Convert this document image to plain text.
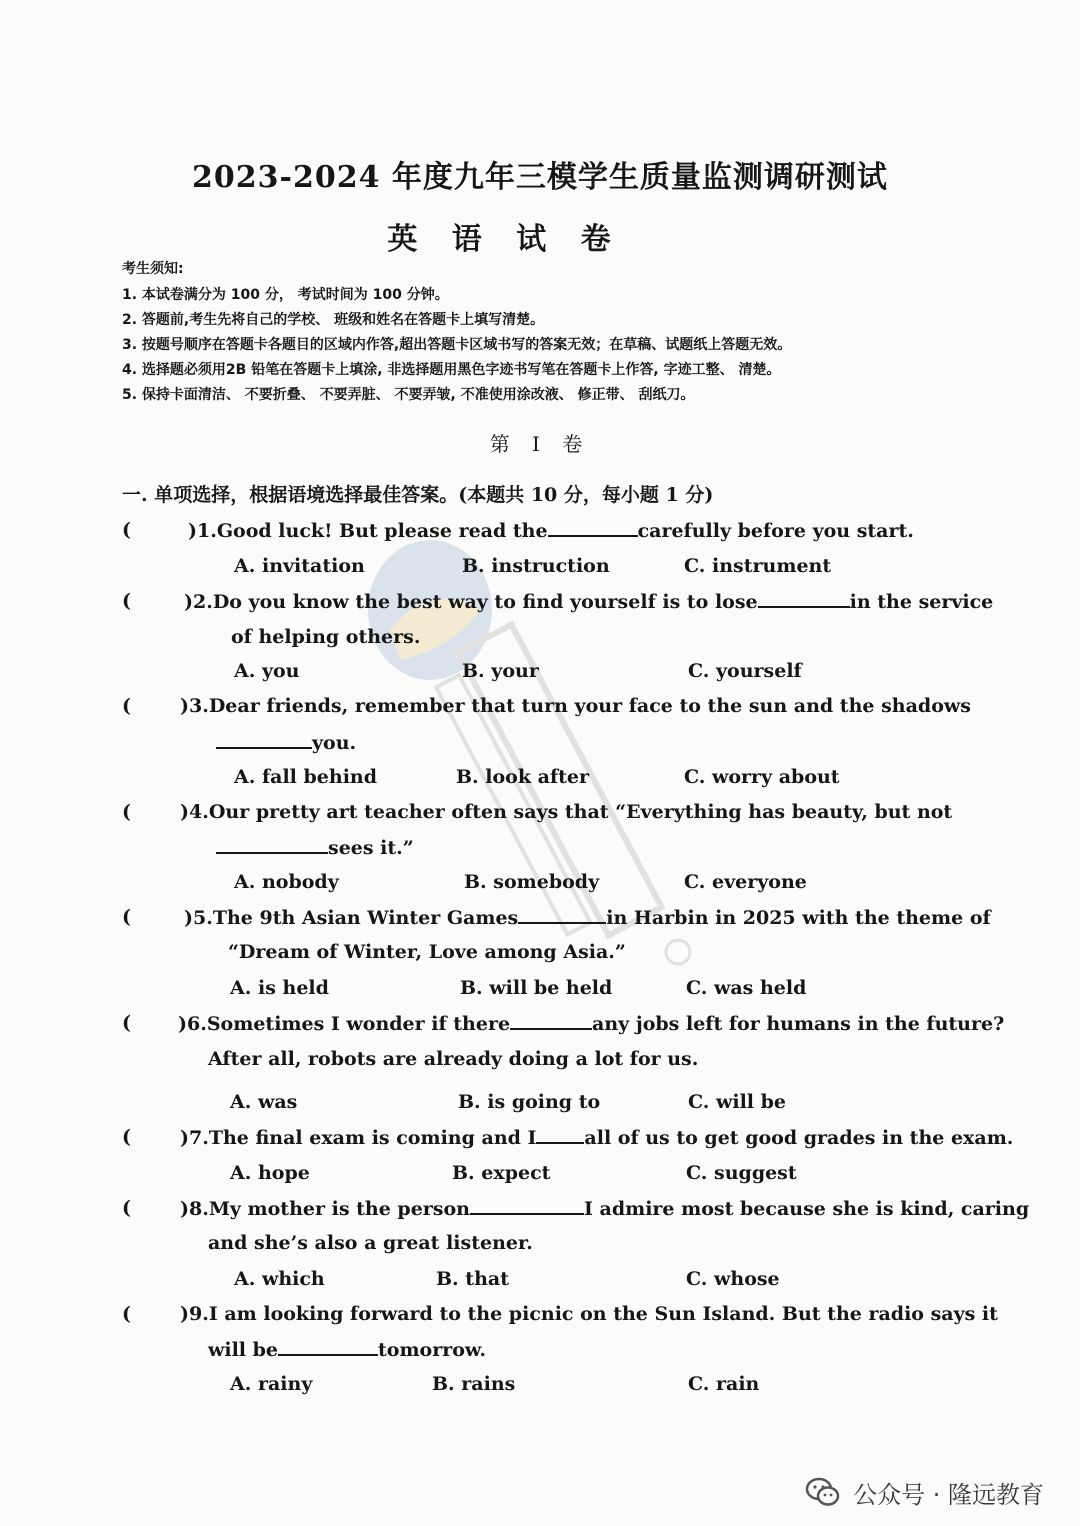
2023-2024 年度九年三模学生质量监测调研测试
英 语 试 卷
考生须知:
1. 本试卷满分为 100 分， 考试时间为 100 分钟。
2. 答题前,考生先将自己的学校、 班级和姓名在答题卡上填写清楚。
3. 按题号顺序在答题卡各题目的区域内作答,超出答题卡区域书写的答案无效；在草稿、试题纸上答题无效。
4. 选择题必须用2B 铅笔在答题卡上填涂, 非选择题用黑色字迹书写笔在答题卡上作答, 字迹工整、 清楚。
5. 保持卡面清洁、 不要折叠、 不要弄脏、 不要弄皱, 不准使用涂改液、 修正带、 刮纸刀。
第 I 卷
一. 单项选择，根据语境选择最佳答案。(本题共 10 分，每小题 1 分)
(	)1.Good luck! But please read the	carefully before you start.
A. invitation	B. instruction	C. instrument
(	)2.Do you know the best way to find yourself is to lose	in the service
of helping others.
A. you	B. your	C. yourself
(	)3.Dear friends, remember that turn your face to the sun and the shadows
you.
A. fall behind	B. look after	C. worry about
(	)4.Our pretty art teacher often says that “Everything has beauty, but not
sees it.”
A. nobody	B. somebody	C. everyone
(	)5.The 9th Asian Winter Games	in Harbin in 2025 with the theme of
“Dream of Winter, Love among Asia.”
A. is held	B. will be held	C. was held
( )6.Sometimes I wonder if there	any jobs left for humans in the future?
After all, robots are already doing a lot for us.
A. was	B. is going to	C. will be
(	)7.The final exam is coming and I	all of us to get good grades in the exam.
A. hope	B. expect	C. suggest
(	)8.My mother is the person	I admire most because she is kind, caring
and she’s also a great listener.
A. which	B. that	C. whose
(	)9.I am looking forward to the picnic on the Sun Island. But the radio says it
will be	tomorrow.
A. rainy	B. rains	C. rain
公众号 · 隆远教育
